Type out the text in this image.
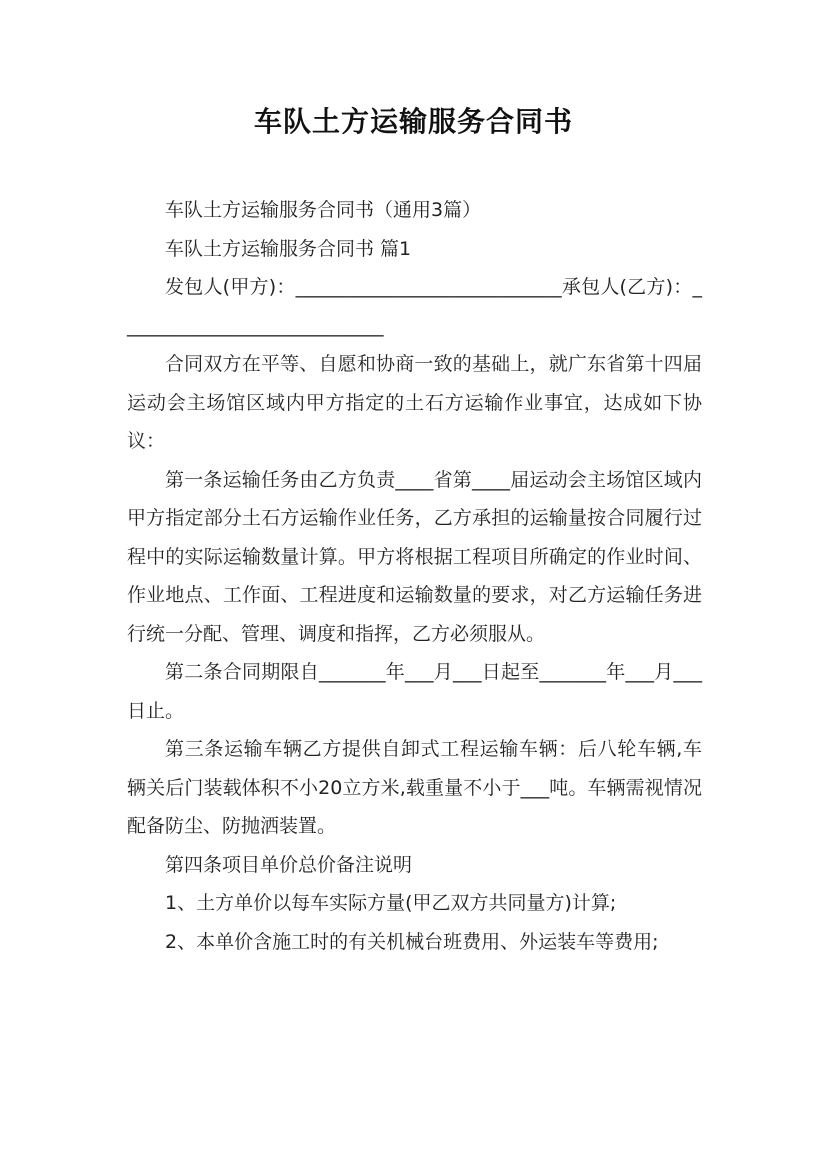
车队土方运输服务合同书

车队土方运输服务合同书（通用3篇）

车队土方运输服务合同书 篇1

发包人(甲方)：____________________________承包人(乙方)：____________________________

合同双方在平等、自愿和协商一致的基础上，就广东省第十四届运动会主场馆区域内甲方指定的土石方运输作业事宜，达成如下协议：

第一条运输任务由乙方负责____省第____届运动会主场馆区域内甲方指定部分土石方运输作业任务，乙方承担的运输量按合同履行过程中的实际运输数量计算。甲方将根据工程项目所确定的作业时间、作业地点、工作面、工程进度和运输数量的要求，对乙方运输任务进行统一分配、管理、调度和指挥，乙方必须服从。

第二条合同期限自_______年___月___日起至_______年___月___日止。

第三条运输车辆乙方提供自卸式工程运输车辆：后八轮车辆,车辆关后门装载体积不小20立方米,载重量不小于___吨。车辆需视情况配备防尘、防抛洒装置。

第四条项目单价总价备注说明

1、土方单价以每车实际方量(甲乙双方共同量方)计算;

2、本单价含施工时的有关机械台班费用、外运装车等费用;
